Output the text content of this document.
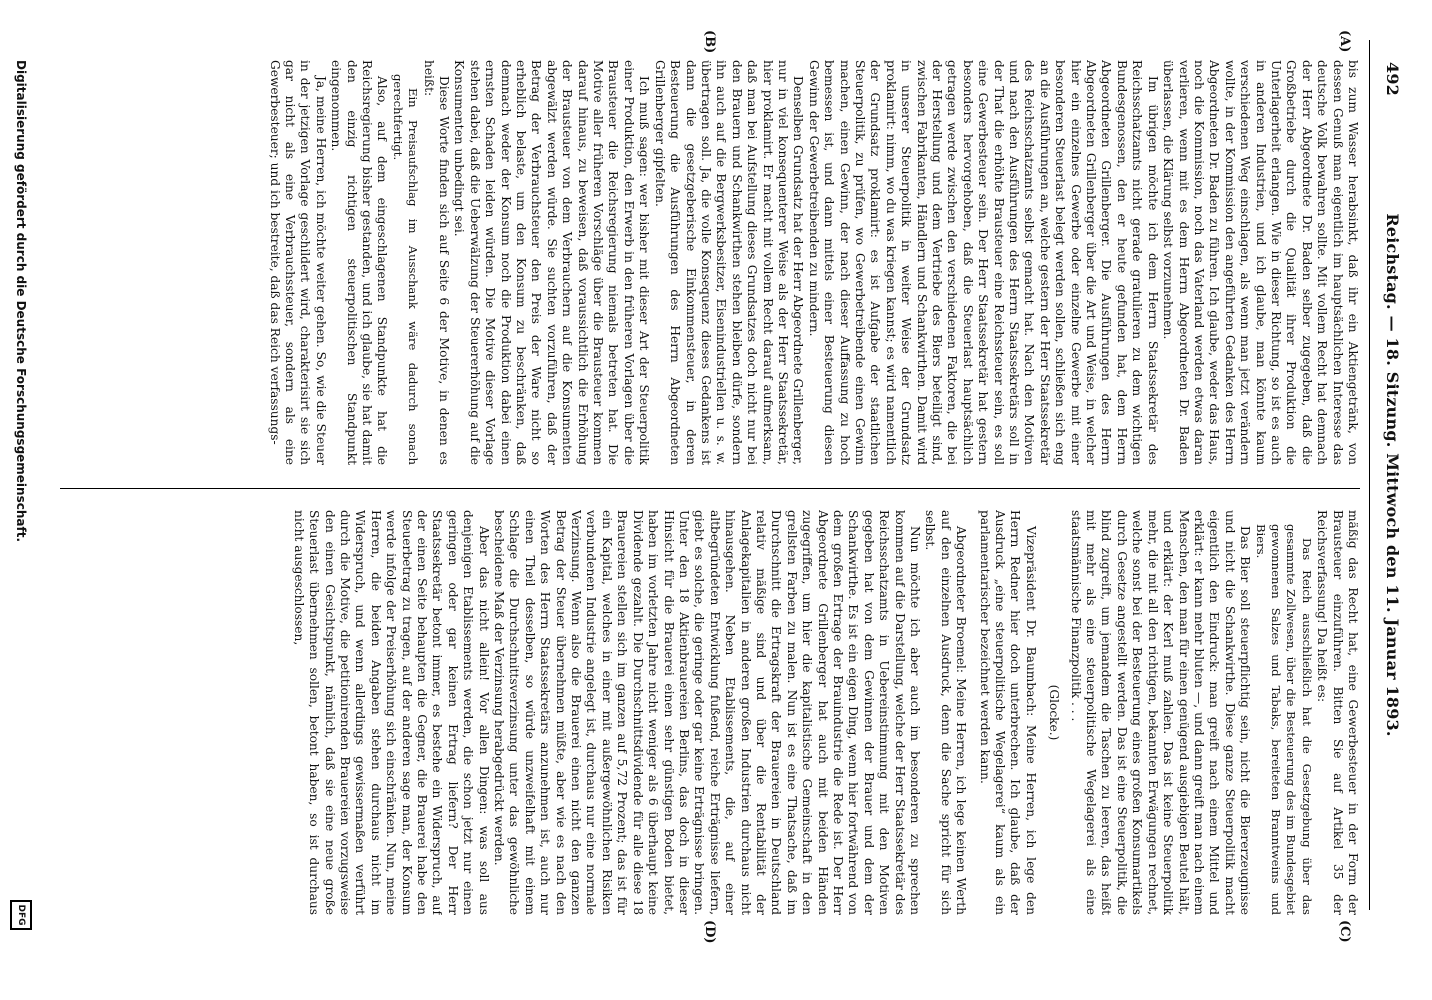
492
Reichstag. — 18. Sitzung. Mittwoch den 11. Januar 1893.
(A)
(B)
(C)
(D)

bis zum Wasser herabsinkt, daß ihr ein Aktiengetränk, von dessen Genuß man eigentlich im hauptsächlichen Interesse das deutsche Volk bewahren sollte. Mit vollem Recht hat demnach der Herr Abgeordnete Dr. Baden selber zugegeben, daß die Großbetriebe durch die Qualität ihrer Produktion die Unterlagerheit erlangen. Wie in dieser Richtung, so ist es auch in anderen Industrien, und ich glaube, man könnte kaum verschiedenen Weg einschlagen, als wenn man jetzt verändern wollte, in der Kommission den angeführten Gedanken des Herrn Abgeordneten Dr. Baden zu führen. Ich glaube, weder das Haus, noch die Kommission, noch das Vaterland werden etwas daran verlieren, wenn mit es dem Herrn Abgeordneten Dr. Baden überlassen, die Klärung selbst vorzunehmen.

Im übrigen möchte ich dem Herrn Staatssekretär des Reichsschatzamts nicht gerade gratulieren zu dem wichtigen Bundesgenossen, den er heute gefunden hat, dem Herrn Abgeordneten Grillenberger. Die Ausführungen des Herrn Abgeordneten Grillenberger über die Art und Weise, in welcher hier ein einzelnes Gewerbe oder einzelne Gewerbe mit einer besonderen Steuerlast belegt werden sollen, schließen sich eng an die Ausführungen an, welche gestern der Herr Staatssekretär des Reichsschatzamts selbst gemacht hat. Nach den Motiven und nach den Ausführungen des Herrn Staatssekretärs soll in der That die erhöhte Brausteuer eine Reichssteuer sein, es soll eine Gewerbesteuer sein. Der Herr Staatssekretär hat gestern besonders hervorgehoben, daß die Steuerlast hauptsächlich getragen werde zwischen den verschiedenen Faktoren, die bei der Herstellung und dem Vertriebe des Biers beteiligt sind, zwischen Fabrikanten, Händlern und Schankwirthen. Damit wird in unserer Steuerpolitik in weiter Weise der Grundsatz proklamirt: nimm, wo du was kriegen kannst; es wird namentlich der Grundsatz proklamirt: es ist Aufgabe der staatlichen Steuerpolitik, zu prüfen, wo Gewerbetreibende einen Gewinn machen, einen Gewinn, der nach dieser Auffassung zu hoch bemessen ist, und dann mittels einer Besteuerung diesen Gewinn der Gewerbetreibenden zu mindern.

Denselben Grundsatz hat der Herr Abgeordnete Grillenberger, nur in viel konsequenterer Weise als der Herr Staatssekretär, hier proklamirt. Er macht mit vollem Recht darauf aufmerksam, daß man bei Aufstellung dieses Grundsatzes doch nicht nur bei den Brauern und Schankwirthen stehen bleiben dürfe, sondern ihn auch auf die Bergwerksbesitzer, Eisenindustriellen u. s. w. übertragen soll. Ja, die volle Konsequenz dieses Gedankens ist dann die gesetzgeberische Einkommensteuer, in deren Besteuerung die Ausführungen des Herrn Abgeordneten Grillenberger gipfelten.

Ich muß sagen: wer bisher mit dieser Art der Steuerpolitik einer Produktion, den Erwerb in den früheren Vorlagen über die Brausteuer die Reichsregierung niemals betreten hat. Die Motive aller früheren Vorschläge über die Brausteuer kommen darauf hinaus, zu beweisen, daß voraussichtlich die Erhöhung der Brausteuer von dem Verbrauchern auf die Konsumenten abgewälzt werden würde. Sie suchten vorzuführen, daß der Betrag der Verbrauchsteuer den Preis der Ware nicht so erheblich belaste, um den Konsum zu beschränken, daß demnach weder der Konsum noch die Produktion dabei einen ernsten Schaden leiden würden. Die Motive dieser Vorlage stehen dabei, daß die Ueberwälzung der Steuererhöhung auf die Konsumenten unbedingt sei.

Diese Worte finden sich auf Seite 6 der Motive, in denen es heißt:

Ein Preisaufschlag im Ausschank wäre dadurch sonach gerechtfertigt.

Also, auf dem eingeschlagenen Standpunkte hat die Reichsregierung bisher gestanden, und ich glaube, sie hat damit den einzig richtigen steuerpolitischen Standpunkt eingenommen.

Ja, meine Herren, ich möchte weiter gehen. So, wie die Steuer in der jetzigen Vorlage geschildert wird, charakterisirt sie sich gar nicht als eine Verbrauchssteuer, sondern als eine Gewerbesteuer; und ich bestreite, daß das Reich verfassungs-

mäßig das Recht hat, eine Gewerbesteuer in der Form der Brausteuer einzuführen. Bitten Sie auf Artikel 35 der Reichsverfassung! Da heißt es:

Das Reich ausschließlich hat die Gesetzgebung über das gesammte Zollwesen, über die Besteuerung des im Bundesgebiet gewonnenen Salzes und Tabaks, bereiteten Branntweins und Biers.

Das Bier soll steuerpflichtig sein, nicht die Biererzeugnisse und nicht die Schankwirthe. Diese ganze Steuerpolitik macht eigentlich den Eindruck: man greift nach einem Mittel und erklärt: er kann mehr bluten —, und dann greift man nach einem Menschen, den man für einen genügend ausgiebigen Beutel hält, und erklärt: der Kerl muß zahlen. Das ist keine Steuerpolitik mehr, die mit all den richtigen, bekannten Erwägungen rechnet, welche sonst bei der Besteuerung eines großen Konsumartikels durch Gesetze angestellt werden. Das ist eine Steuerpolitik, die blind zugreift, um jemandem die Taschen zu leeren, das heißt mit mehr als eine steuerpolitische Wegelagerei als eine staatsmännische Finanzpolitik . . .

(Glocke.)

Vizepräsident Dr. Baumbach: Meine Herren, ich lege den Herrn Redner hier doch unterbrechen. Ich glaube, daß der Ausdruck „eine steuerpolitische Wegelagerei“ kaum als ein parlamentarischer bezeichnet werden kann.

Abgeordneter Broemel: Meine Herren, ich lege keinen Werth auf den einzelnen Ausdruck, denn die Sache spricht für sich selbst.

Nun möchte ich aber auch im besonderen zu sprechen kommen auf die Darstellung, welche der Herr Staatssekretär des Reichsschatzamts in Uebereinstimmung mit den Motiven gegeben hat von dem Gewinnen der Brauer und dem der Schankwirthe. Es ist ein eigen Ding, wenn hier fortwährend von dem großen Ertrage der Brauindustrie die Rede ist. Der Herr Abgeordnete Grillenberger hat auch mit beiden Händen zugegriffen, um hier die kapitalistische Gemeinschaft in den grellsten Farben zu malen. Nun ist es eine Thatsache, daß im Durchschnitt die Ertragskraft der Brauereien in Deutschland relativ mäßige sind und über die Rentabilität der Anlagekapitalien in anderen großen Industrien durchaus nicht hinausgehen. Neben Etablissements, die, auf einer altbegründeten Entwicklung fußend, reiche Erträgnisse liefern, giebt es solche, die geringe oder gar keine Erträgnisse bringen. Unter den 18 Aktienbrauereien Berlins, das doch in dieser Hinsicht für die Brauerei einen sehr günstigen Boden bietet, haben im vorletzten Jahre nicht weniger als 6 überhaupt keine Dividende gezahlt. Die Durchschnittsdividende für alle diese 18 Brauereien stellen sich im ganzen auf 5,72 Prozent; das ist für ein Kapital, welches in einer mit außergewöhnlichen Risiken verbundenen Industrie angelegt ist, durchaus nur eine normale Verzinsung. Wenn also die Brauerei einen nicht den ganzen Betrag der Steuer übernehmen müßte, aber wie es nach den Worten des Herrn Staatssekretärs anzunehmen ist, auch nur einen Theil desselben, so würde unzweifelhaft mit einem Schlage die Durchschnittsverzinsung unter das gewöhnliche bescheidene Maß der Verzinsung herabgedrückt werden.

Aber das nicht allein! Vor allen Dingen: was soll aus denjenigen Etablissements werden, die schon jetzt nur einen geringen oder gar keinen Ertrag liefern? Der Herr Staatssekretär betont immer, es bestehe ein Widerspruch, auf der einen Seite behaupten die Gegner, die Brauerei habe den Steuerbetrag zu tragen, auf der anderen sage man, der Konsum werde infolge der Preiserhöhung sich einschränken. Nun, meine Herren, die beiden Angaben stehen durchaus nicht im Widerspruch, und wenn allerdings gewissermaßen verführt durch die Motive, die petitionirenden Brauereien vorzugsweise den einen Gesichtspunkt, nämlich, daß sie eine neue große Steuerlast übernehmen sollen, betont haben, so ist durchaus nicht ausgeschlossen,

Digitalisierung gefördert durch die Deutsche Forschungsgemeinschaft.
DFG
